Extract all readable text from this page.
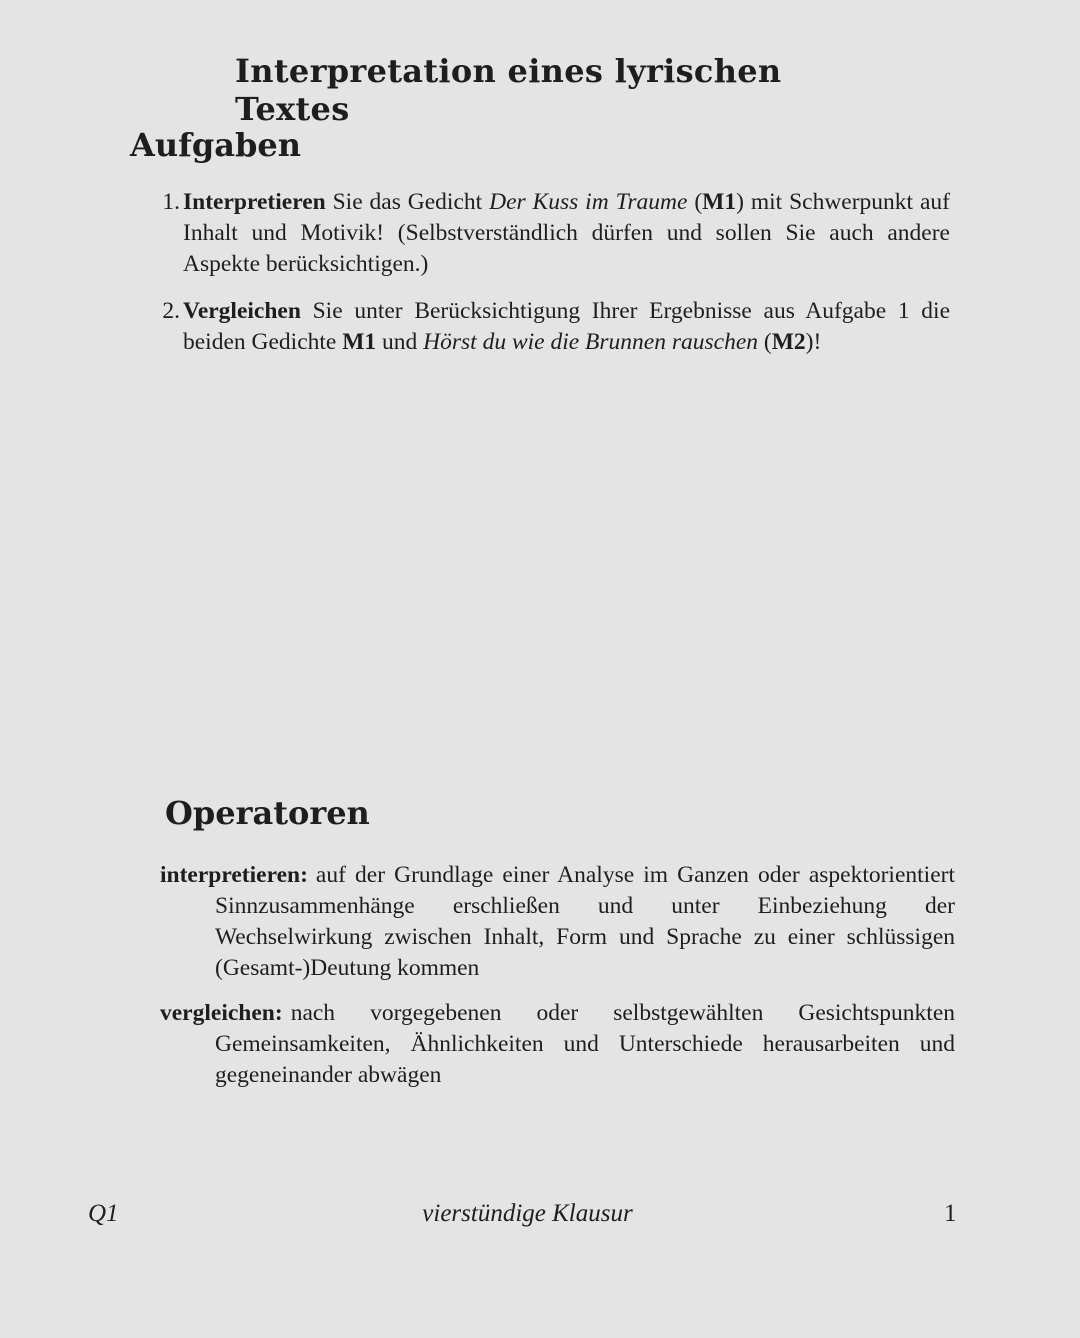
Interpretation eines lyrischen Textes
Aufgaben
1. Interpretieren Sie das Gedicht Der Kuss im Traume (M1) mit Schwerpunkt auf Inhalt und Motivik! (Selbstverständlich dürfen und sollen Sie auch andere Aspekte berücksichtigen.)
2. Vergleichen Sie unter Berücksichtigung Ihrer Ergebnisse aus Aufgabe 1 die beiden Gedichte M1 und Hörst du wie die Brunnen rauschen (M2)!
Operatoren

interpretieren: auf der Grundlage einer Analyse im Ganzen oder aspektorientiert Sinnzusammenhänge erschließen und unter Einbeziehung der Wechselwirkung zwischen Inhalt, Form und Sprache zu einer schlüssigen (Gesamt-)Deutung kommen

vergleichen: nach vorgegebenen oder selbstgewählten Gesichtspunkten Gemeinsamkeiten, Ähnlichkeiten und Unterschiede herausarbeiten und gegeneinander abwägen

Q1	vierstündige Klausur	1
